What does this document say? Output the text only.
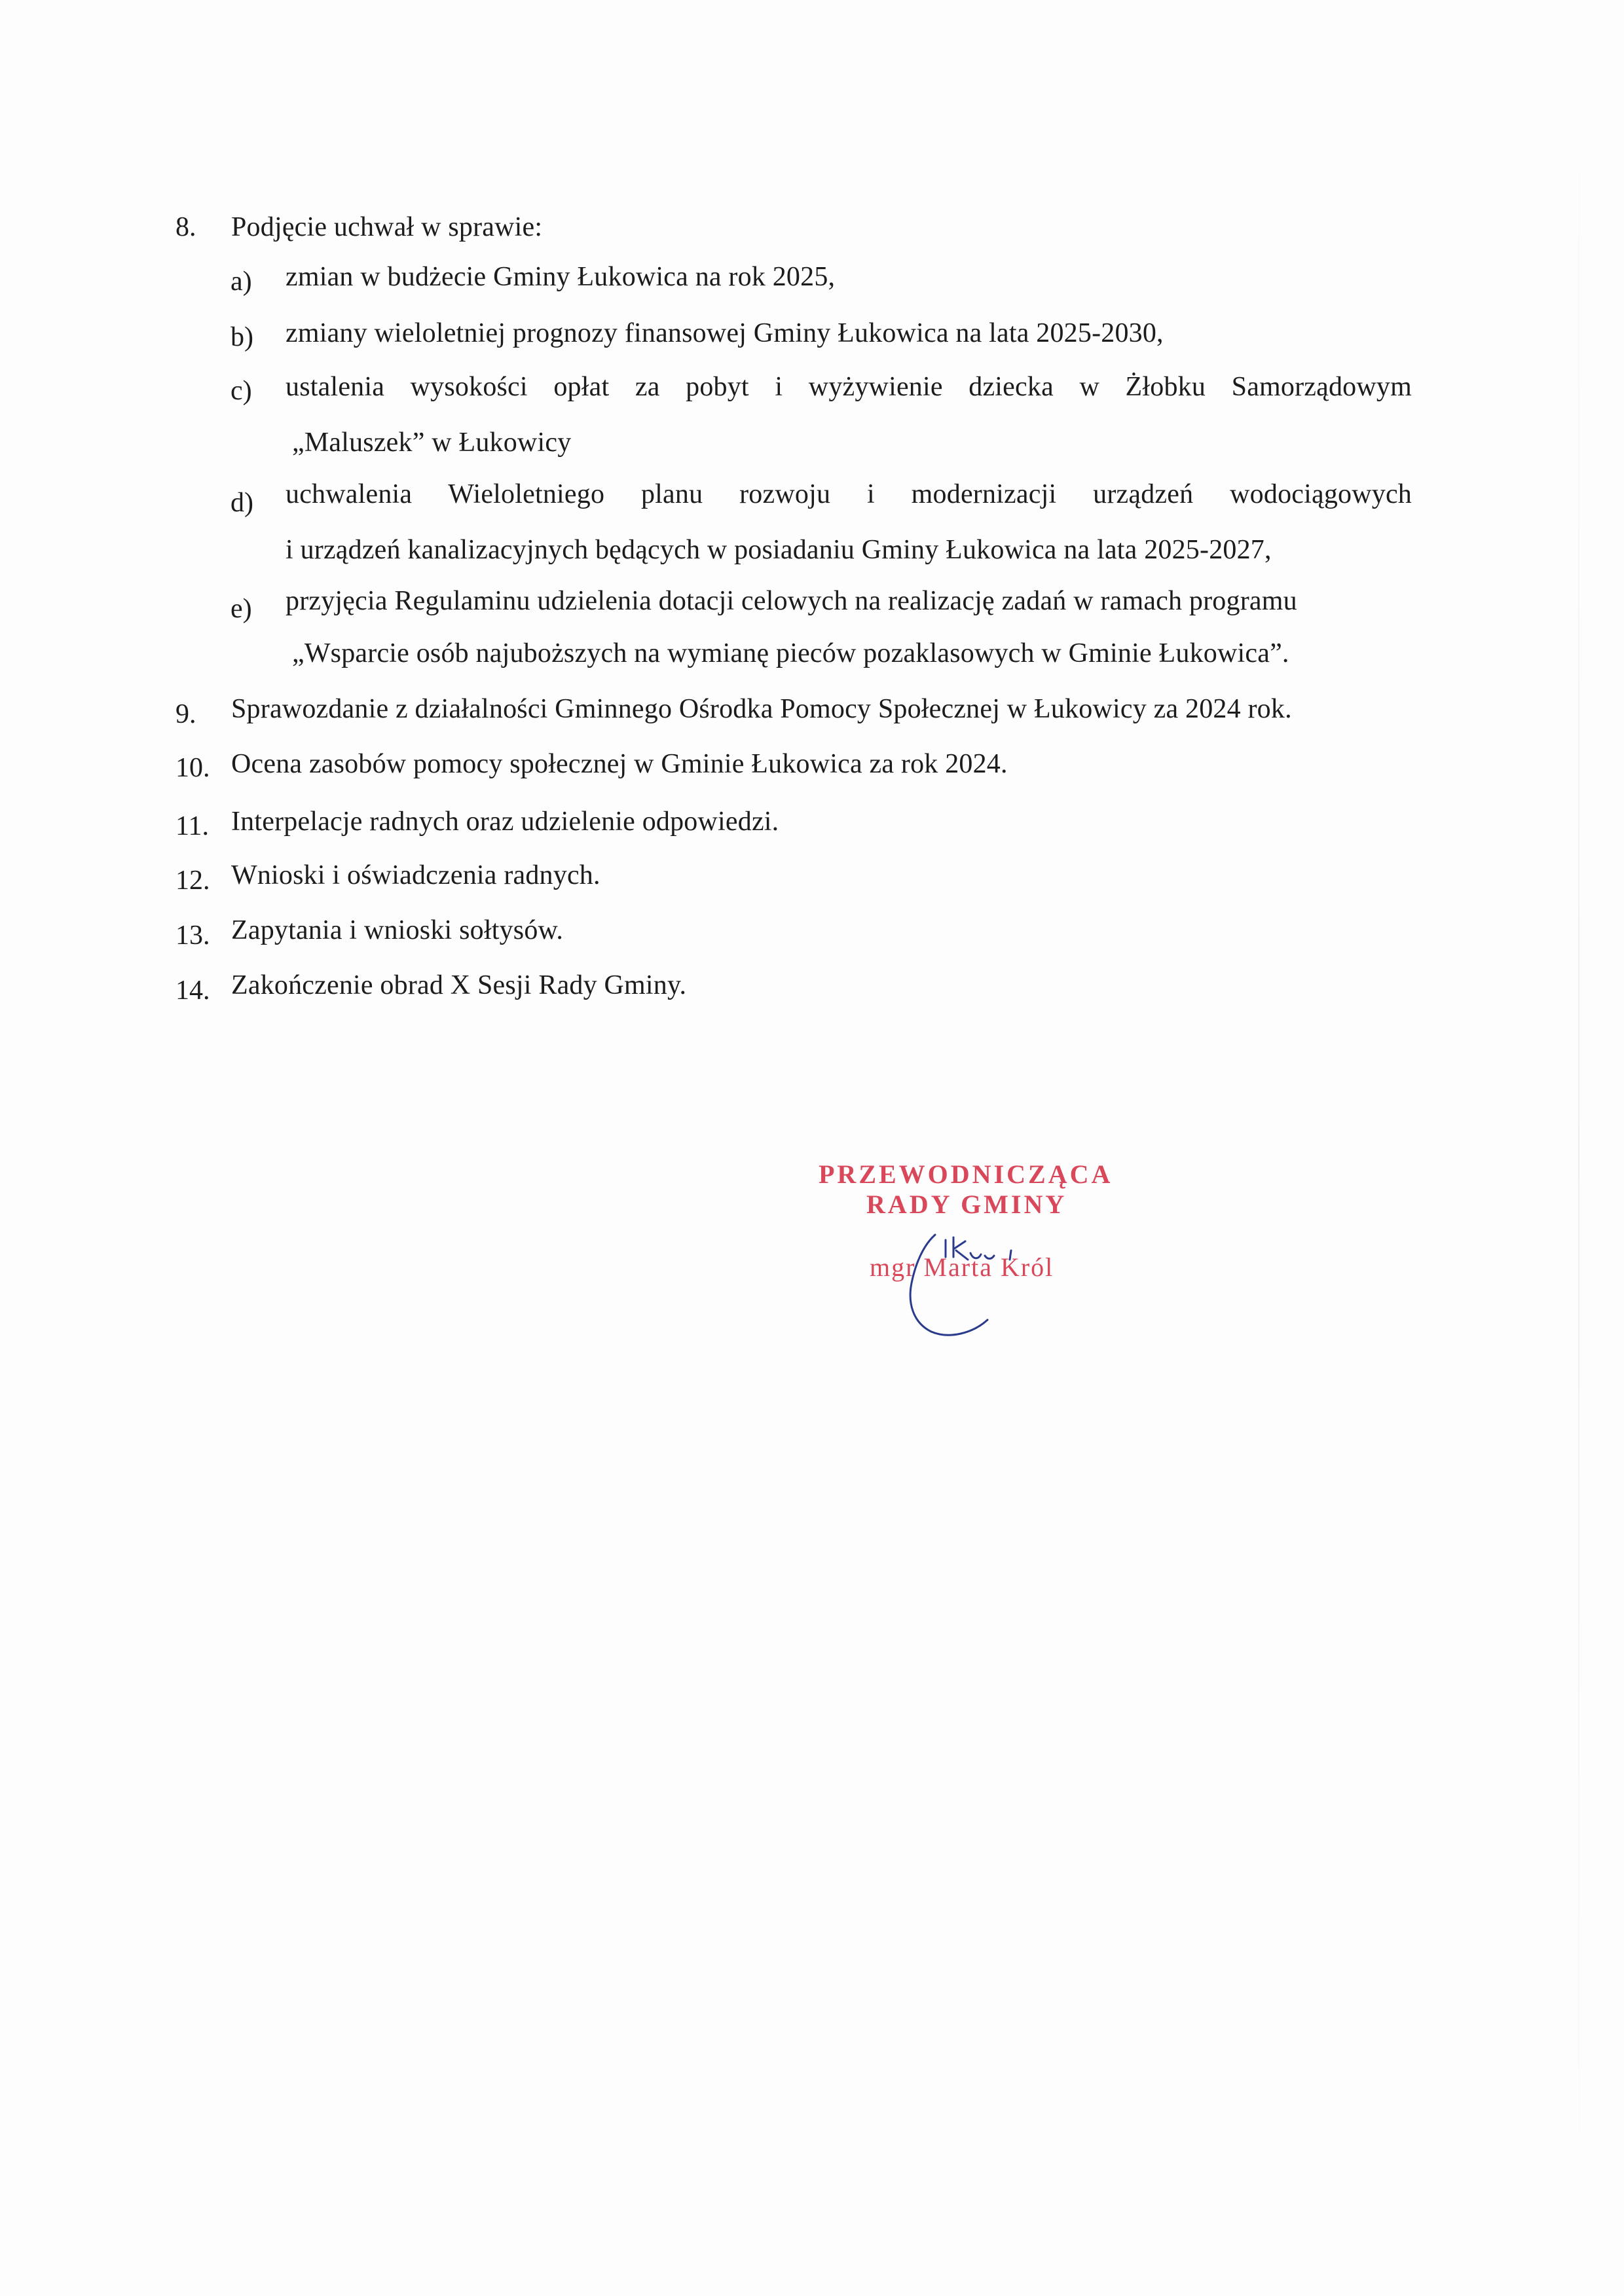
8. Podjęcie uchwał w sprawie:
a) zmian w budżecie Gminy Łukowica na rok 2025,
b) zmiany wieloletniej prognozy finansowej Gminy Łukowica na lata 2025-2030,
c) ustalenia wysokości opłat za pobyt i wyżywienie dziecka w Żłobku Samorządowym
„Maluszek” w Łukowicy
d) uchwalenia Wieloletniego planu rozwoju i modernizacji urządzeń wodociągowych
i urządzeń kanalizacyjnych będących w posiadaniu Gminy Łukowica na lata 2025-2027,
e) przyjęcia Regulaminu udzielenia dotacji celowych na realizację zadań w ramach programu
„Wsparcie osób najuboższych na wymianę pieców pozaklasowych w Gminie Łukowica”.
9. Sprawozdanie z działalności Gminnego Ośrodka Pomocy Społecznej w Łukowicy za 2024 rok.
10. Ocena zasobów pomocy społecznej w Gminie Łukowica za rok 2024.
11. Interpelacje radnych oraz udzielenie odpowiedzi.
12. Wnioski i oświadczenia radnych.
13. Zapytania i wnioski sołtysów.
14. Zakończenie obrad X Sesji Rady Gminy.
PRZEWODNICZĄCA
RADY GMINY
mgr Marta Król
